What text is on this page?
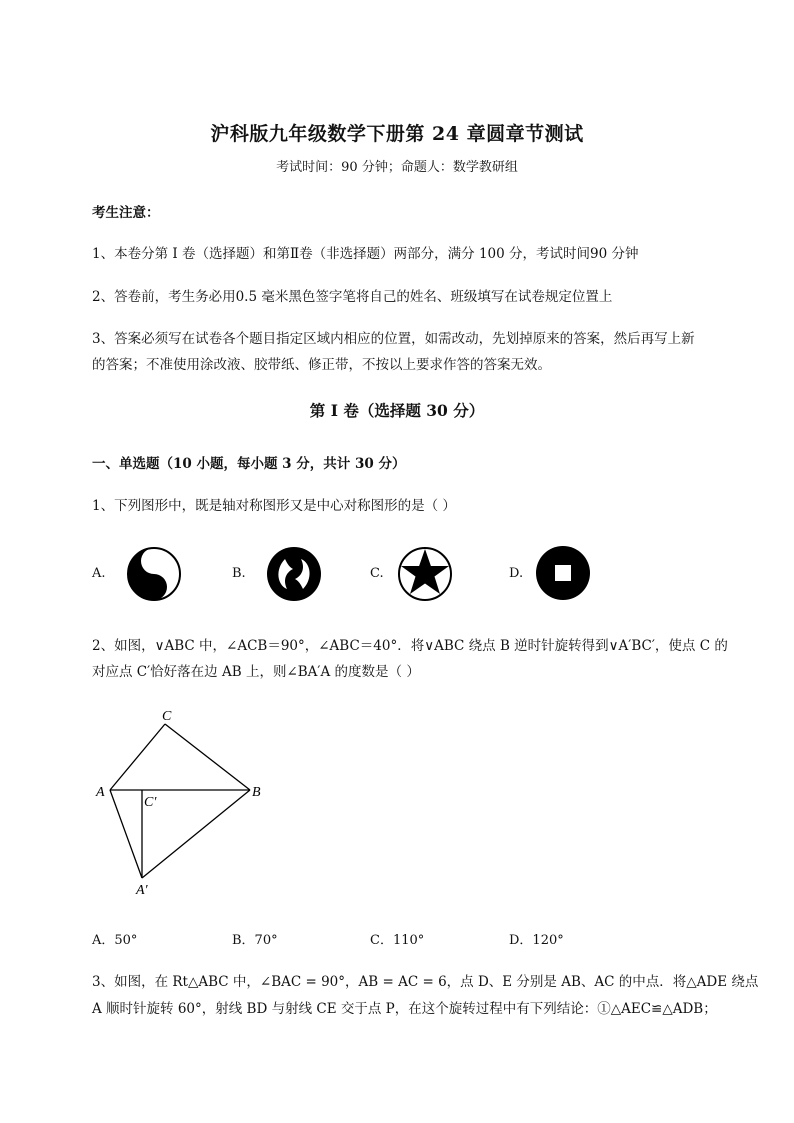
沪科版九年级数学下册第 24 章圆章节测试
考试时间：90 分钟；命题人：数学教研组
考生注意：
1、本卷分第 I 卷（选择题）和第Ⅱ卷（非选择题）两部分，满分 100 分，考试时间90 分钟
2、答卷前，考生务必用0.5 毫米黑色签字笔将自己的姓名、班级填写在试卷规定位置上
3、答案必须写在试卷各个题目指定区域内相应的位置，如需改动，先划掉原来的答案，然后再写上新
的答案；不准使用涂改液、胶带纸、修正带，不按以上要求作答的答案无效。
第 I 卷（选择题 30 分）
一、单选题（10 小题，每小题 3 分，共计 30 分）
1、下列图形中，既是轴对称图形又是中心对称图形的是（ ）
A.	B.	C.	D.
2、如图，∨ABC 中，∠ACB＝90°，∠ABC＝40°．将∨ABC 绕点 B 逆时针旋转得到∨A′BC′，使点 C 的
对应点 C′恰好落在边 AB 上，则∠BA′A 的度数是（ ）
C
A	B
C′
A′
A．50°	B．70°	C．110°	D．120°
3、如图，在 Rt△ABC 中，∠BAC = 90°，AB = AC = 6，点 D、E 分别是 AB、AC 的中点．将△ADE 绕点
A 顺时针旋转 60°，射线 BD 与射线 CE 交于点 P，在这个旋转过程中有下列结论：①△AEC≌△ADB；
